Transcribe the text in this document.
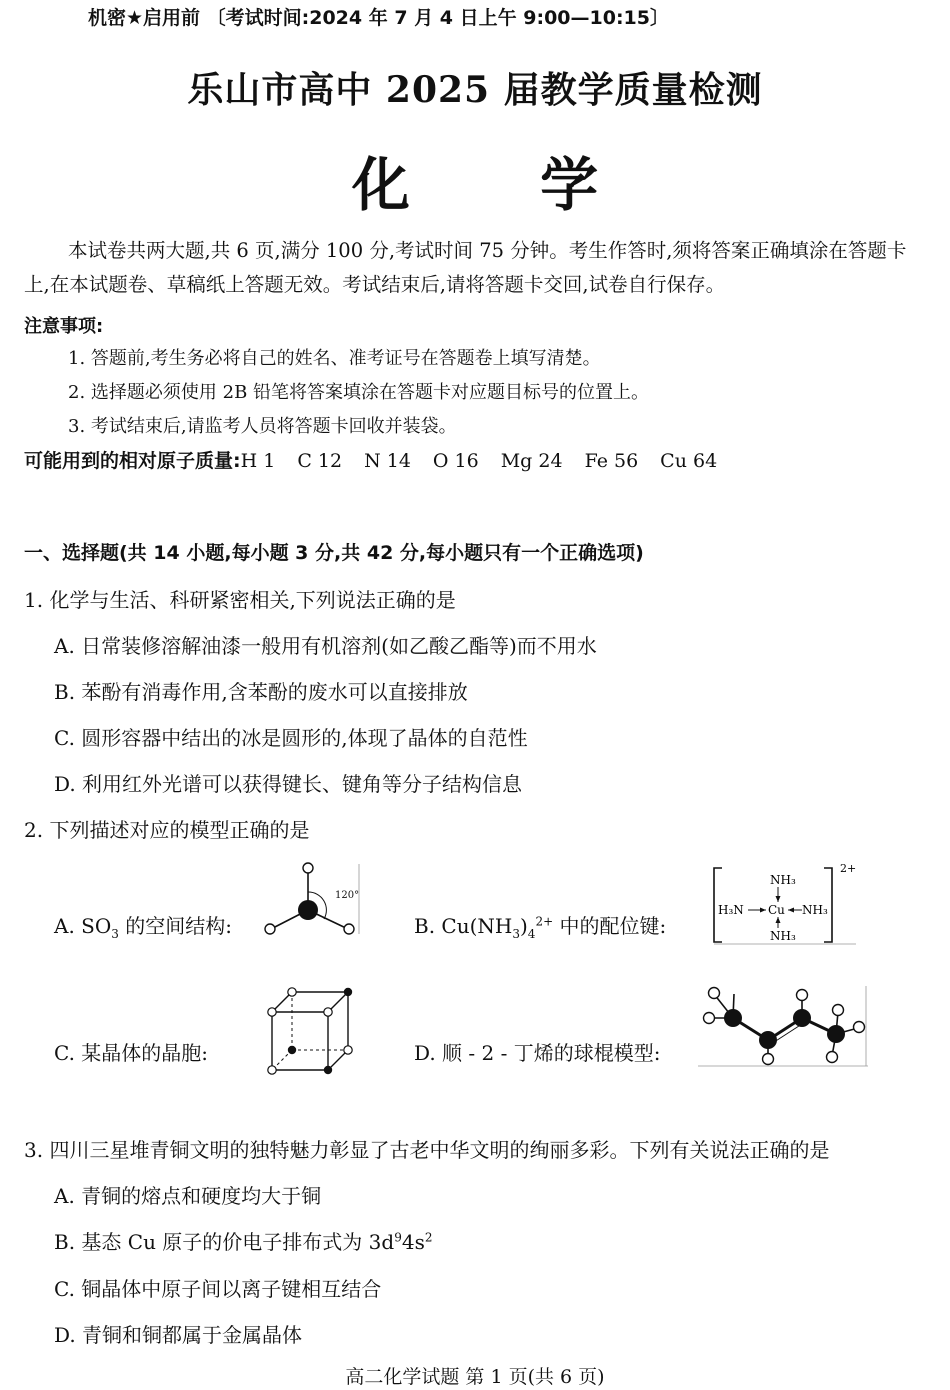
机密★启用前 〔考试时间:2024 年 7 月 4 日上午 9:00—10:15〕
乐山市高中 2025 届教学质量检测
化 学
本试卷共两大题,共 6 页,满分 100 分,考试时间 75 分钟。考生作答时,须将答案正确填涂在答题卡上,在本试题卷、草稿纸上答题无效。考试结束后,请将答题卡交回,试卷自行保存。
注意事项:
1. 答题前,考生务必将自己的姓名、准考证号在答题卷上填写清楚。
2. 选择题必须使用 2B 铅笔将答案填涂在答题卡对应题目标号的位置上。
3. 考试结束后,请监考人员将答题卡回收并装袋。
可能用到的相对原子质量:H 1 C 12 N 14 O 16 Mg 24 Fe 56 Cu 64
一、选择题(共 14 小题,每小题 3 分,共 42 分,每小题只有一个正确选项)
1. 化学与生活、科研紧密相关,下列说法正确的是
A. 日常装修溶解油漆一般用有机溶剂(如乙酸乙酯等)而不用水
B. 苯酚有消毒作用,含苯酚的废水可以直接排放
C. 圆形容器中结出的冰是圆形的,体现了晶体的自范性
D. 利用红外光谱可以获得键长、键角等分子结构信息
2. 下列描述对应的模型正确的是
A. $SO_3$ 的空间结构:
120°
B. $Cu(NH_3)_4^{2+}$ 中的配位键:
NH₃
H₃N Cu NH₃
NH₃
2+
C. 某晶体的晶胞:	D. 顺 - 2 - 丁烯的球棍模型:
3. 四川三星堆青铜文明的独特魅力彰显了古老中华文明的绚丽多彩。下列有关说法正确的是
A. 青铜的熔点和硬度均大于铜
B. 基态 Cu 原子的价电子排布式为 $3d^94s^2$
C. 铜晶体中原子间以离子键相互结合
D. 青铜和铜都属于金属晶体
高二化学试题 第 1 页(共 6 页)
